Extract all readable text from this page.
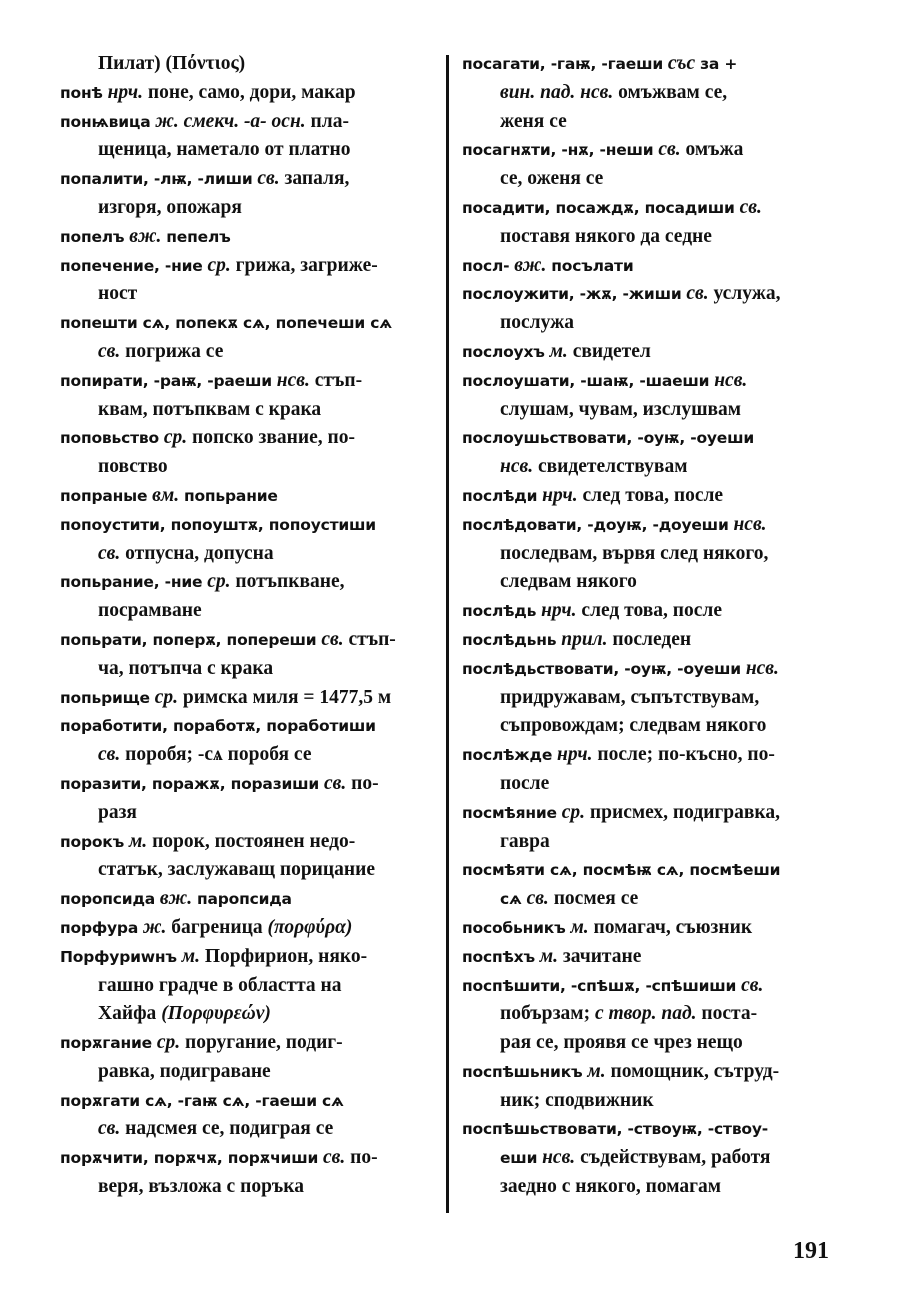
Пилат) (Πόντιος)
понѣ нрч. поне, само, дори, макар
понѩвица ж. смекч. -а- осн. пла-
щеница, наметало от платно
попалити, -лѭ, -лиши св. запаля,
изгоря, опожаря
попелъ вж. пепелъ
попечение, -ние ср. грижа, загриже-
ност
попешти сѧ, попекѫ сѧ, попечеши сѧ
св. погрижа се
попирати, -раѭ, -раеши нсв. стъп-
квам, потъпквам с крака
поповьство ср. попско звание, по-
повство
попраные вм. попьрание
попоустити, попоуштѫ, попоустиши
св. отпусна, допусна
попьрание, -ние ср. потъпкване,
посрамване
попьрати, поперѫ, попереши св. стъп-
ча, потъпча с крака
попьрище ср. римска миля = 1477,5 м
поработити, поработѫ, поработиши
св. поробя; -сѧ поробя се
поразити, поражѫ, поразиши св. по-
разя
порокъ м. порок, постоянен недо-
статък, заслужаващ порицание
поропсида вж. паропсида
порфура ж. багреница (πορφύρα)
Порфуриwнъ м. Порфирион, няко-
гашно градче в областта на
Хайфа (Πορφυρεών)
порѫгание ср. поругание, подиг-
равка, подиграване
порѫгати сѧ, -гаѭ сѧ, -гаеши сѧ
св. надсмея се, подиграя се
порѫчити, порѫчѫ, порѫчиши св. по-
веря, възложа с поръка
посагати, -гаѭ, -гаеши със за +
вин. пад. нсв. омъжвам се,
женя се
посагнѫти, -нѫ, -неши св. омъжа
се, оженя се
посадити, посаждѫ, посадиши св.
поставя някого да седне
посл- вж. посълати
послоужити, -жѫ, -жиши св. услужа,
послужа
послоухъ м. свидетел
послоушати, -шаѭ, -шаеши нсв.
слушам, чувам, изслушвам
послоушьствовати, -оуѭ, -оуеши
нсв. свидетелствувам
послѣди нрч. след това, после
послѣдовати, -доуѭ, -доуеши нсв.
последвам, вървя след някого,
следвам някого
послѣдь нрч. след това, после
послѣдьнь прил. последен
послѣдьствовати, -оуѭ, -оуеши нсв.
придружавам, съпътствувам,
съпровождам; следвам някого
послѣжде нрч. после; по-късно, по-
после
посмѣяние ср. присмех, подигравка,
гавра
посмѣяти сѧ, посмѣѭ сѧ, посмѣеши
сѧ св. посмея се
пособьникъ м. помагач, съюзник
поспѣхъ м. зачитане
поспѣшити, -спѣшѫ, -спѣшиши св.
побързам; с твор. пад. поста-
рая се, проявя се чрез нещо
поспѣшьникъ м. помощник, сътруд-
ник; сподвижник
поспѣшьствовати, -ствоуѭ, -ствоу-
еши нсв. съдействувам, работя
заедно с някого, помагам
191
